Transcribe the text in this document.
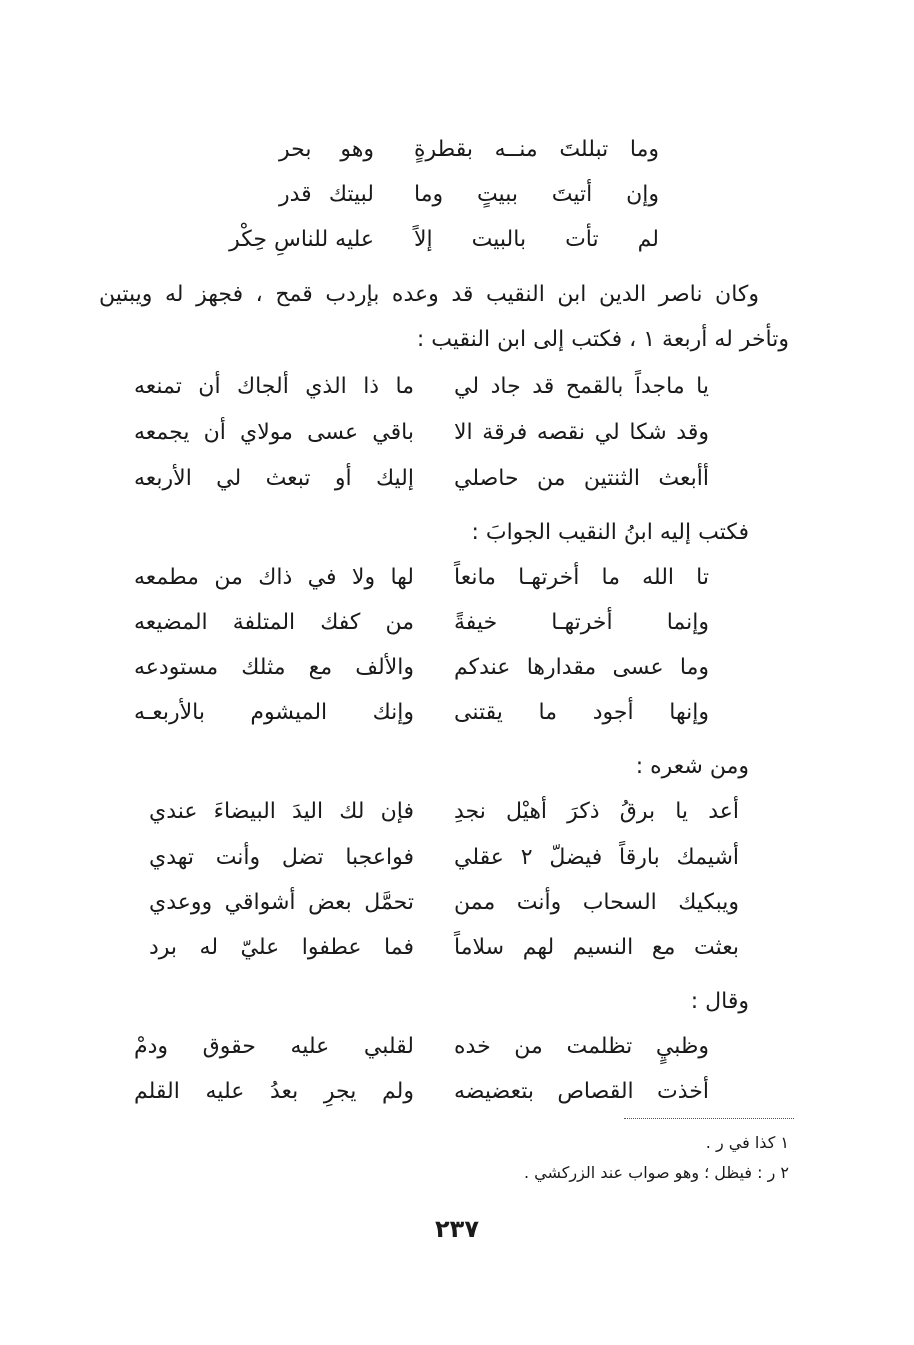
وما تبللتَ منــه بقطرةٍ
وهو بحر
وإن أتيتَ ببيتٍ وما
لبيتك قدر
لم تأت بالبيت إلاً
عليه للناسِ حِكْر
وكان ناصر الدين ابن النقيب قد وعده بإردب قمح ، فجهز له ويبتين
وتأخر له أربعة ١ ، فكتب إلى ابن النقيب :
يا ماجداً بالقمح قد جاد لي
ما ذا الذي ألجاك أن تمنعه
وقد شكا لي نقصه فرقة الا
باقي عسى مولاي أن يجمعه
أأبعث الثنتين من حاصلي
إليك أو تبعث لي الأربعه
فكتب إليه ابنُ النقيب الجوابَ :
تا الله ما أخرتهـا مانعاً
لها ولا في ذاك من مطمعه
وإنما أخرتهـا خيفةً
من كفك المتلفة المضيعه
وما عسى مقدارها عندكم
والألف مع مثلك مستودعه
وإنها أجود ما يقتنى
وإنك الميشوم بالأربعـه
ومن شعره :
أعد يا برقُ ذكرَ أهيْل نجدِ
فإن لك اليدَ البيضاءَ عندي
أشيمك بارقاً فيضلّ ٢ عقلي
فواعجبا تضل وأنت تهدي
ويبكيك السحاب وأنت ممن
تحمَّل بعض أشواقي ووعدي
بعثت مع النسيم لهم سلاماً
فما عطفوا عليّ له برد
وقال :
وظبيٍ تظلمت من خده
لقلبي عليه حقوق ودمْ
أخذت القصاص بتعضيضه
ولم يجرِ بعدُ عليه القلم
١ كذا في ر .
٢ ر : فيظل ؛ وهو صواب عند الزركشي .
٢٣٧
